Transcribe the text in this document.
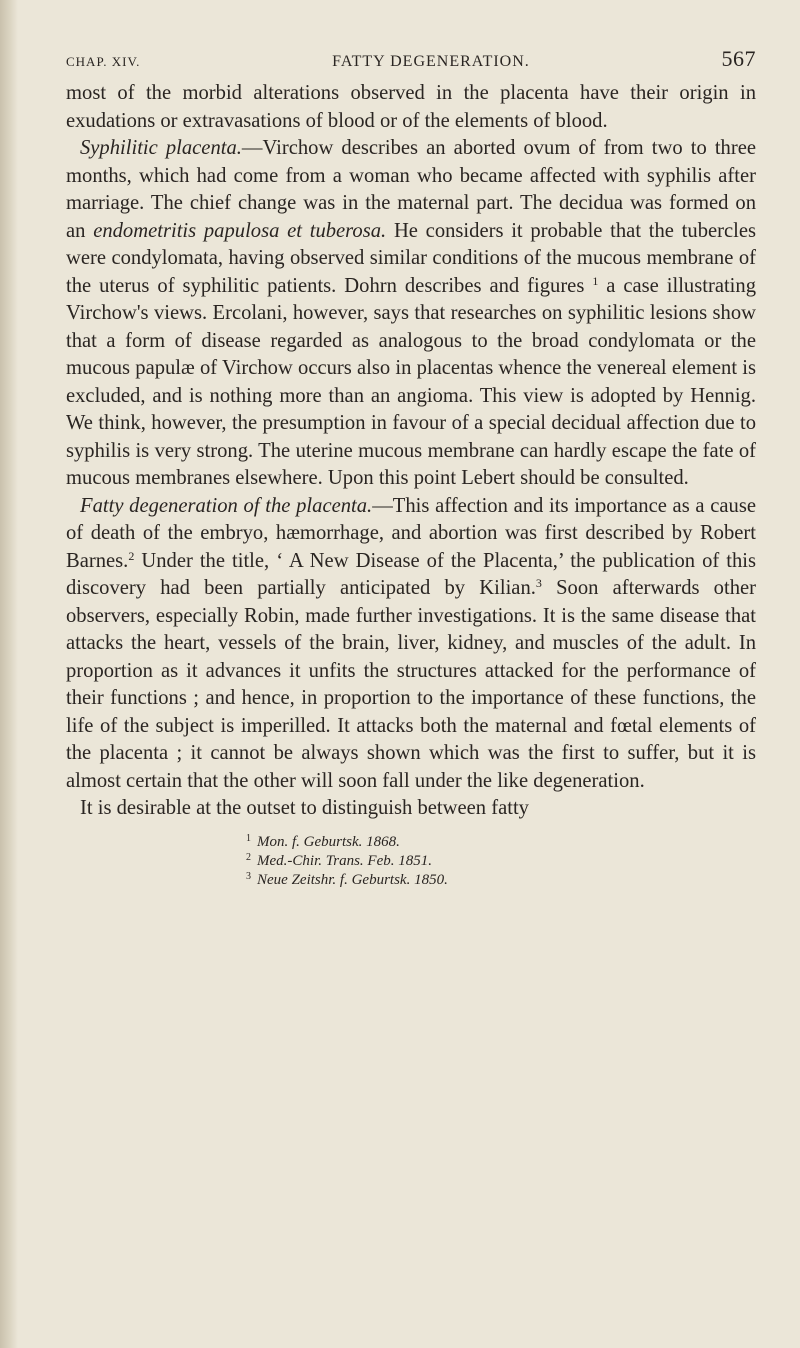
CHAP. XIV.	FATTY DEGENERATION.	567

most of the morbid alterations observed in the placenta have their origin in exudations or extravasations of blood or of the elements of blood.

Syphilitic placenta.—Virchow describes an aborted ovum of from two to three months, which had come from a woman who became affected with syphilis after marriage. The chief change was in the maternal part. The decidua was formed on an endometritis papulosa et tuberosa. He considers it probable that the tubercles were condylomata, having observed similar conditions of the mucous membrane of the uterus of syphilitic patients. Dohrn describes and figures $^1$ a case illustrating Virchow's views. Ercolani, however, says that researches on syphilitic lesions show that a form of disease regarded as analogous to the broad condylomata or the mucous papulæ of Virchow occurs also in placentas whence the venereal element is excluded, and is nothing more than an angioma. This view is adopted by Hennig. We think, however, the presumption in favour of a special decidual affection due to syphilis is very strong. The uterine mucous membrane can hardly escape the fate of mucous membranes elsewhere. Upon this point Lebert should be consulted.

Fatty degeneration of the placenta.—This affection and its importance as a cause of death of the embryo, hæmorrhage, and abortion was first described by Robert Barnes.$^2$ Under the title, ‘ A New Disease of the Placenta,’ the publication of this discovery had been partially anticipated by Kilian.$^3$ Soon afterwards other observers, especially Robin, made further investigations. It is the same disease that attacks the heart, vessels of the brain, liver, kidney, and muscles of the adult. In proportion as it advances it unfits the structures attacked for the performance of their functions ; and hence, in proportion to the importance of these functions, the life of the subject is imperilled. It attacks both the maternal and fœtal elements of the placenta ; it cannot be always shown which was the first to suffer, but it is almost certain that the other will soon fall under the like degeneration.

It is desirable at the outset to distinguish between fatty

$^1$ Mon. f. Geburtsk. 1868.
$^2$ Med.-Chir. Trans. Feb. 1851.
$^3$ Neue Zeitshr. f. Geburtsk. 1850.
